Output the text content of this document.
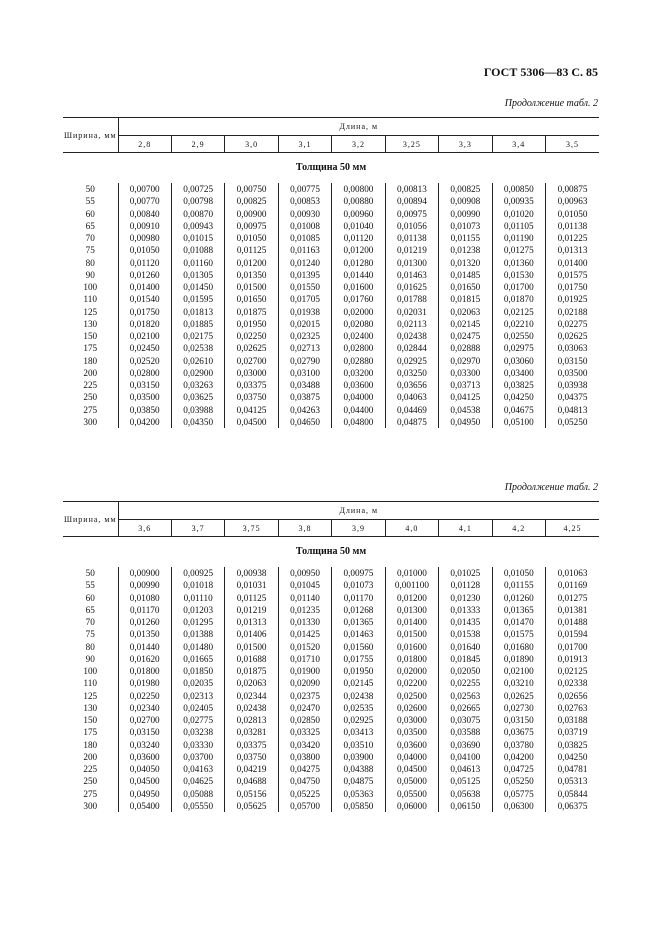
ГОСТ 5306—83 С. 85
Продолжение табл. 2
Ширина, мм	Длина, м								
	2,8	2,9	3,0	3,1	3,2	3,25	3,3	3,4	3,5
Толщина 50 мм									
50	0,00700	0,00725	0,00750	0,00775	0,00800	0,00813	0,00825	0,00850	0,00875
55	0,00770	0,00798	0,00825	0,00853	0,00880	0,00894	0,00908	0,00935	0,00963
60	0,00840	0,00870	0,00900	0,00930	0,00960	0,00975	0,00990	0,01020	0,01050
65	0,00910	0,00943	0,00975	0,01008	0,01040	0,01056	0,01073	0,01105	0,01138
70	0,00980	0,01015	0,01050	0,01085	0,01120	0,01138	0,01155	0,01190	0,01225
75	0,01050	0,01088	0,01125	0,01163	0,01200	0,01219	0,01238	0,01275	0,01313
80	0,01120	0,01160	0,01200	0,01240	0,01280	0,01300	0,01320	0,01360	0,01400
90	0,01260	0,01305	0,01350	0,01395	0,01440	0,01463	0,01485	0,01530	0,01575
100	0,01400	0,01450	0,01500	0,01550	0,01600	0,01625	0,01650	0,01700	0,01750
110	0,01540	0,01595	0,01650	0,01705	0,01760	0,01788	0,01815	0,01870	0,01925
125	0,01750	0,01813	0,01875	0,01938	0,02000	0,02031	0,02063	0,02125	0,02188
130	0,01820	0,01885	0,01950	0,02015	0,02080	0,02113	0,02145	0,02210	0,02275
150	0,02100	0,02175	0,02250	0,02325	0,02400	0,02438	0,02475	0,02550	0,02625
175	0,02450	0,02538	0,02625	0,02713	0,02800	0,02844	0,02888	0,02975	0,03063
180	0,02520	0,02610	0,02700	0,02790	0,02880	0,02925	0,02970	0,03060	0,03150
200	0,02800	0,02900	0,03000	0,03100	0,03200	0,03250	0,03300	0,03400	0,03500
225	0,03150	0,03263	0,03375	0,03488	0,03600	0,03656	0,03713	0,03825	0,03938
250	0,03500	0,03625	0,03750	0,03875	0,04000	0,04063	0,04125	0,04250	0,04375
275	0,03850	0,03988	0,04125	0,04263	0,04400	0,04469	0,04538	0,04675	0,04813
300	0,04200	0,04350	0,04500	0,04650	0,04800	0,04875	0,04950	0,05100	0,05250
Продолжение табл. 2
Ширина, мм	Длина, м								
	3,6	3,7	3,75	3,8	3,9	4,0	4,1	4,2	4,25
Толщина 50 мм									
50	0,00900	0,00925	0,00938	0,00950	0,00975	0,01000	0,01025	0,01050	0,01063
55	0,00990	0,01018	0,01031	0,01045	0,01073	0,001100	0,01128	0,01155	0,01169
60	0,01080	0,01110	0,01125	0,01140	0,01170	0,01200	0,01230	0,01260	0,01275
65	0,01170	0,01203	0,01219	0,01235	0,01268	0,01300	0,01333	0,01365	0,01381
70	0,01260	0,01295	0,01313	0,01330	0,01365	0,01400	0,01435	0,01470	0,01488
75	0,01350	0,01388	0,01406	0,01425	0,01463	0,01500	0,01538	0,01575	0,01594
80	0,01440	0,01480	0,01500	0,01520	0,01560	0,01600	0,01640	0,01680	0,01700
90	0,01620	0,01665	0,01688	0,01710	0,01755	0,01800	0,01845	0,01890	0,01913
100	0,01800	0,01850	0,01875	0,01900	0,01950	0,02000	0,02050	0,02100	0,02125
110	0,01980	0,02035	0,02063	0,02090	0,02145	0,02200	0,02255	0,03210	0,02338
125	0,02250	0,02313	0,02344	0,02375	0,02438	0,02500	0,02563	0,02625	0,02656
130	0,02340	0,02405	0,02438	0,02470	0,02535	0,02600	0,02665	0,02730	0,02763
150	0,02700	0,02775	0,02813	0,02850	0,02925	0,03000	0,03075	0,03150	0,03188
175	0,03150	0,03238	0,03281	0,03325	0,03413	0,03500	0,03588	0,03675	0,03719
180	0,03240	0,03330	0,03375	0,03420	0,03510	0,03600	0,03690	0,03780	0,03825
200	0,03600	0,03700	0,03750	0,03800	0,03900	0,04000	0,04100	0,04200	0,04250
225	0,04050	0,04163	0,04219	0,04275	0,04388	0,04500	0,04613	0,04725	0,04781
250	0,04500	0,04625	0,04688	0,04750	0,04875	0,05000	0,05125	0,05250	0,05313
275	0,04950	0,05088	0,05156	0,05225	0,05363	0,05500	0,05638	0,05775	0,05844
300	0,05400	0,05550	0,05625	0,05700	0,05850	0,06000	0,06150	0,06300	0,06375
